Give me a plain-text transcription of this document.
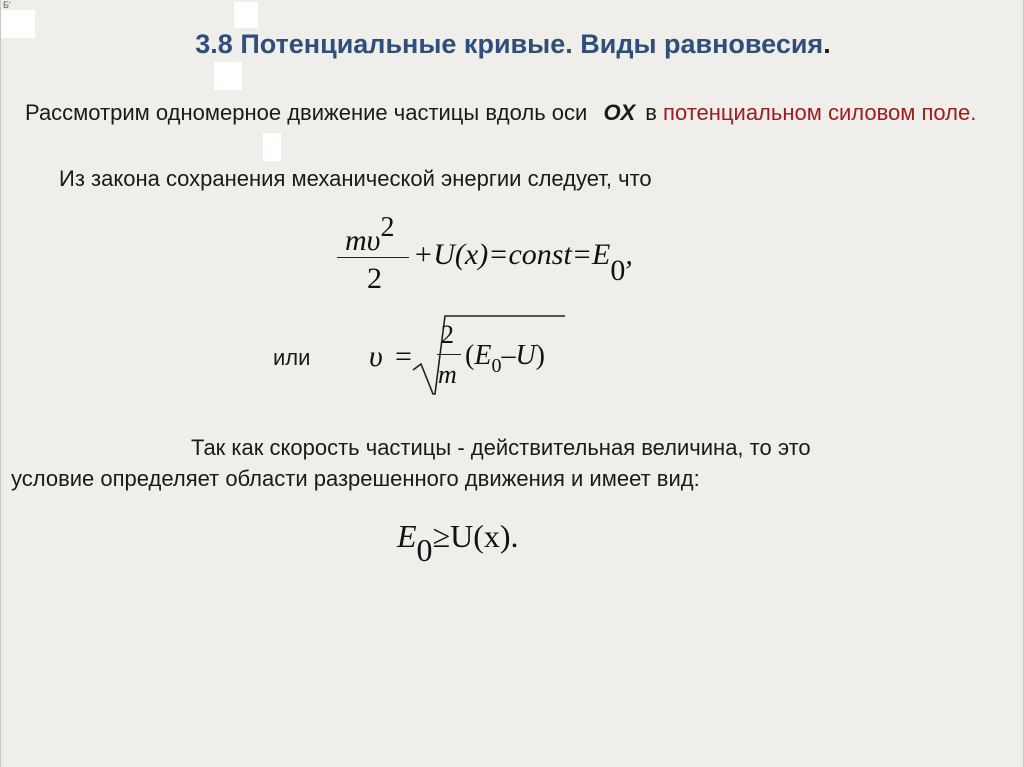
Б'
3.8 Потенциальные кривые. Виды равновесия.
Рассмотрим одномерное движение частицы вдоль оси OX в потенциальном силовом поле.
Из закона сохранения механической энергии следует, что
$m\upsilon^2$
2
+U(x)=const=E0,
или υ =
2
m
$(E_0-U)$
Так как скорость частицы - действительная величина, то это
условие определяет области разрешенного движения и имеет вид:
E0≥U(x).
